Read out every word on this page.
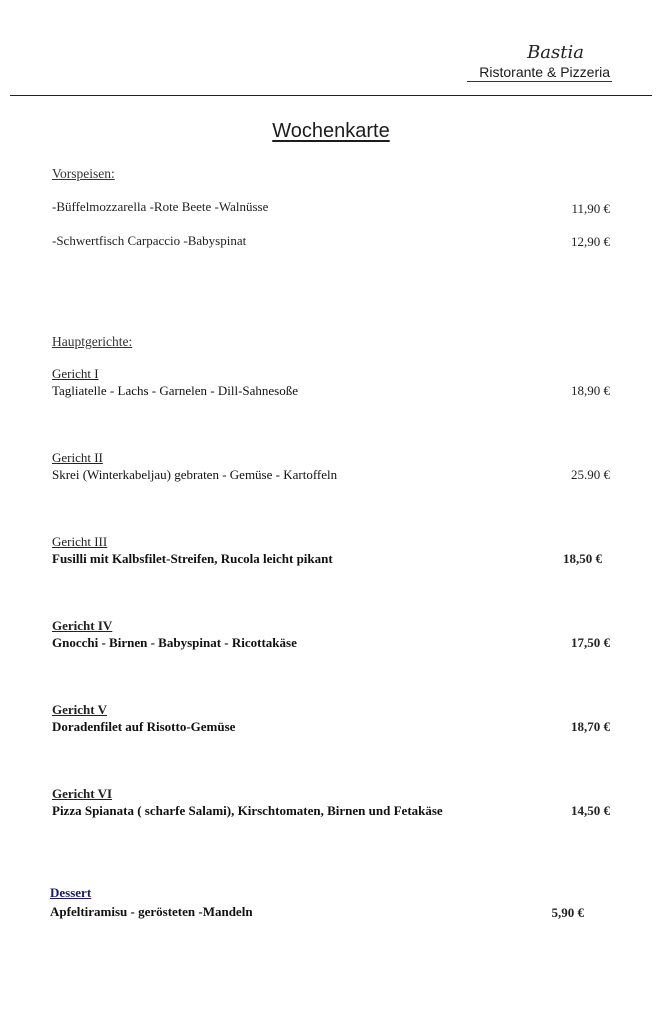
Bastia
Ristorante & Pizzeria
Wochenkarte
Vorspeisen:
-Büffelmozzarella -Rote Beete -Walnüsse	11,90 €
-Schwertfisch Carpaccio -Babyspinat	12,90 €
Hauptgerichte:
Gericht I
Tagliatelle - Lachs - Garnelen - Dill-Sahnesoße	18,90 €
Gericht II
Skrei (Winterkabeljau) gebraten - Gemüse - Kartoffeln	25.90 €
Gericht III
Fusilli mit Kalbsfilet-Streifen, Rucola leicht pikant	18,50 €
Gericht IV
Gnocchi - Birnen - Babyspinat - Ricottakäse	17,50 €
Gericht V
Doradenfilet auf Risotto-Gemüse	18,70 €
Gericht VI
Pizza Spianata ( scharfe Salami), Kirschtomaten, Birnen und Fetakäse	14,50 €
Dessert
Apfeltiramisu - gerösteten -Mandeln	5,90 €
